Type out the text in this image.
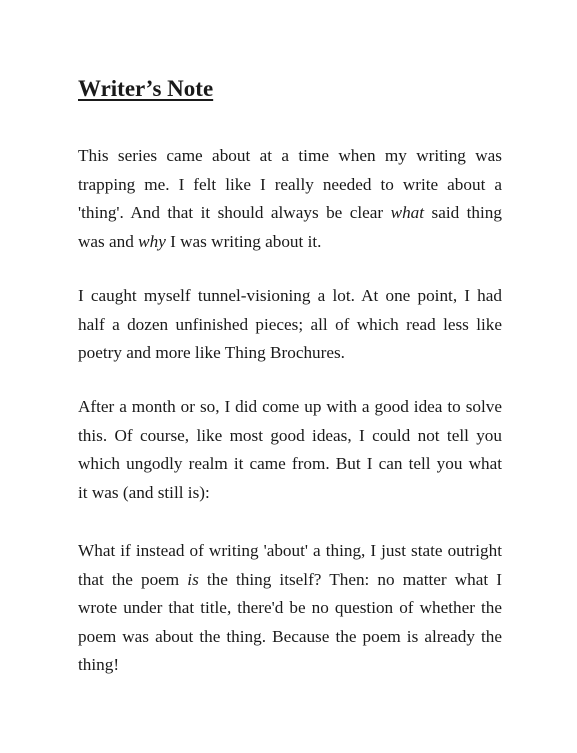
Writer’s Note
This series came about at a time when my writing was
trapping me. I felt like I really needed to write about a
'thing'. And that it should always be clear what said thing
was and why I was writing about it.
I caught myself tunnel-visioning a lot. At one point, I had
half a dozen unfinished pieces; all of which read less like
poetry and more like Thing Brochures.
After a month or so, I did come up with a good idea to solve
this. Of course, like most good ideas, I could not tell you
which ungodly realm it came from. But I can tell you what
it was (and still is):
What if instead of writing 'about' a thing, I just state outright
that the poem is the thing itself? Then: no matter what I
wrote under that title, there'd be no question of whether the
poem was about the thing. Because the poem is already the
thing!
